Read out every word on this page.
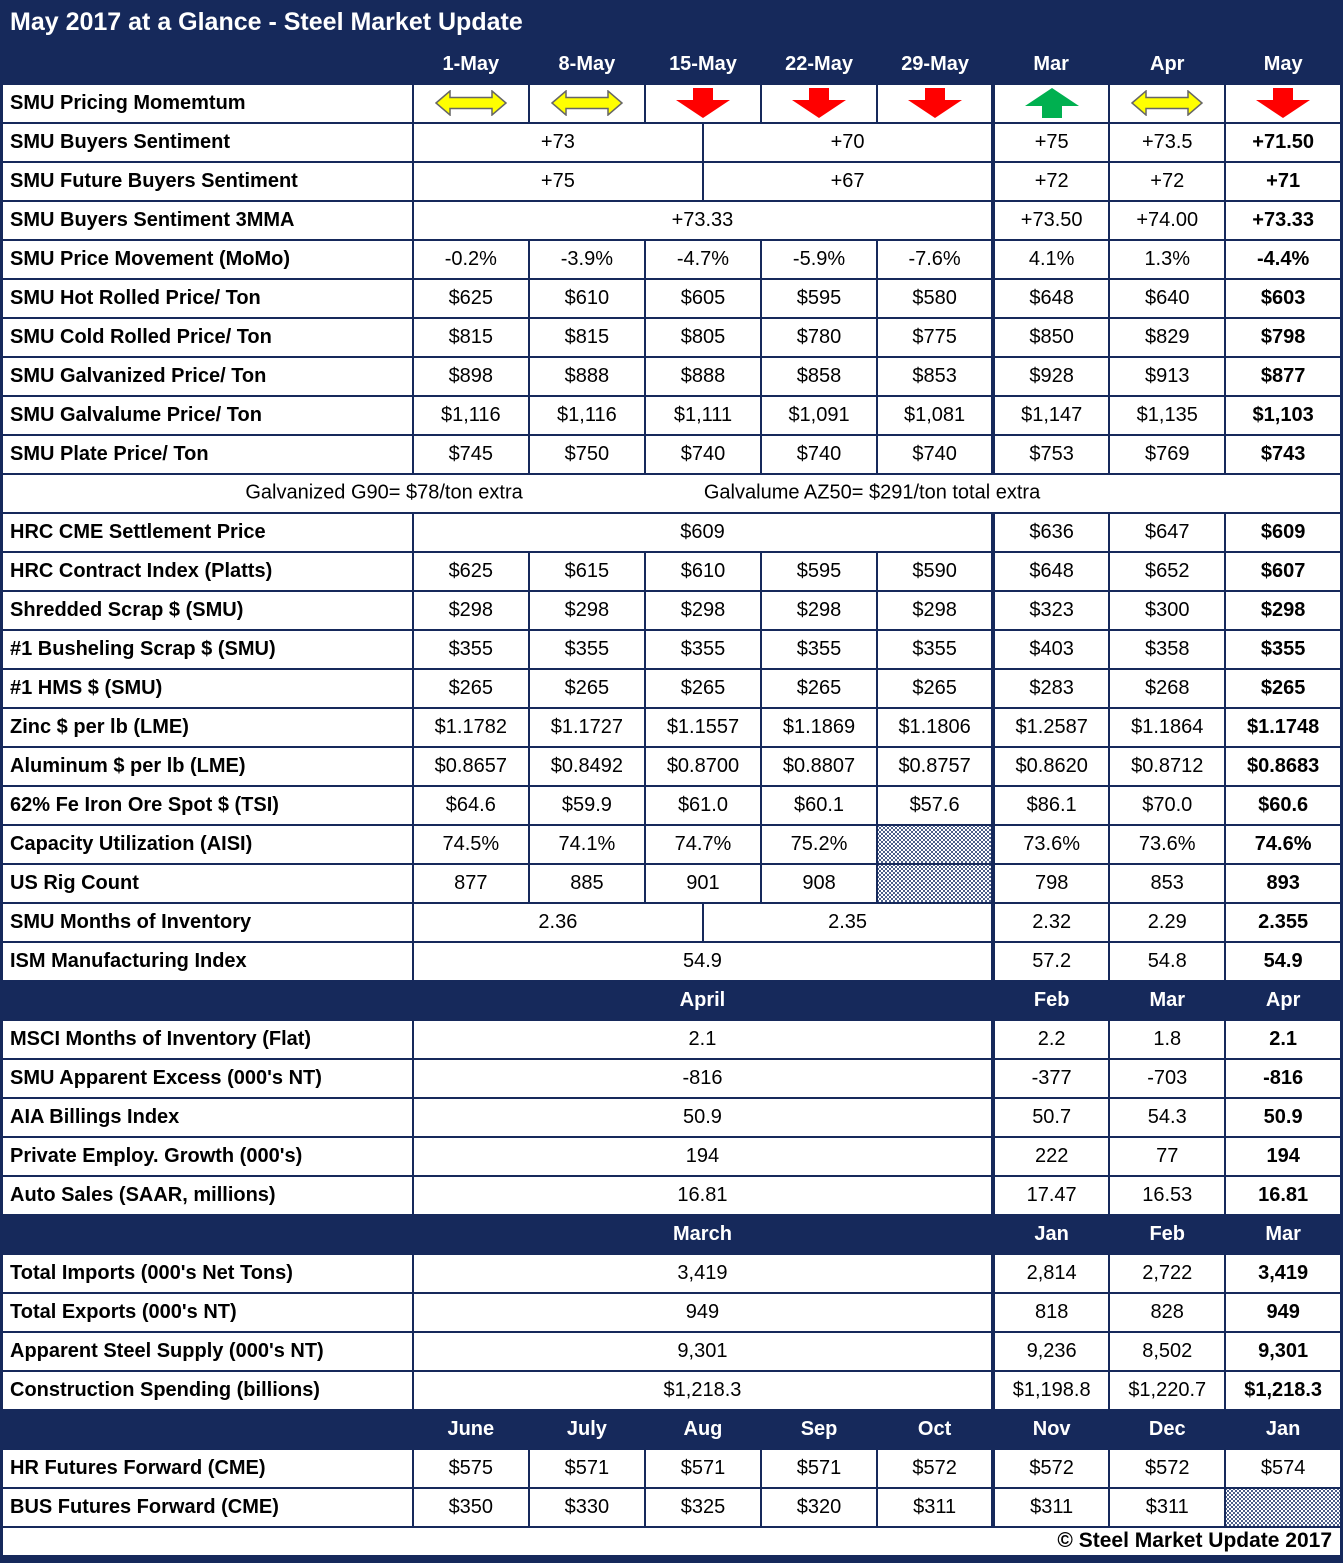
May 2017 at a Glance - Steel Market Update
	1-May	8-May	15-May		22-May	29-May	Mar	Apr	May
SMU Pricing Momemtum	

SMU Buyers Sentiment	+73			+70			+75	+73.5	+71.50
SMU Future Buyers Sentiment	+75			+67			+72	+72	+71
SMU Buyers Sentiment 3MMA	+73.33						+73.50	+74.00	+73.33
SMU Price Movement (MoMo)	-0.2%	-3.9%	-4.7%		-5.9%	-7.6%	4.1%	1.3%	-4.4%
SMU Hot Rolled Price/ Ton	$625	$610	$605		$595	$580	$648	$640	$603
SMU Cold Rolled Price/ Ton	$815	$815	$805		$780	$775	$850	$829	$798
SMU Galvanized Price/ Ton	$898	$888	$888		$858	$853	$928	$913	$877
SMU Galvalume Price/ Ton	$1,116	$1,116	$1,111		$1,091	$1,081	$1,147	$1,135	$1,103
SMU Plate Price/ Ton	$745	$750	$740		$740	$740	$753	$769	$743

Galvanized G90= $78/ton extra Galvalume AZ50= $291/ton total extra									

HRC CME Settlement Price	$609						$636	$647	$609
HRC Contract Index (Platts)	$625	$615	$610		$595	$590	$648	$652	$607
Shredded Scrap $ (SMU)	$298	$298	$298		$298	$298	$323	$300	$298
#1 Busheling Scrap $ (SMU)	$355	$355	$355		$355	$355	$403	$358	$355
#1 HMS $ (SMU)	$265	$265	$265		$265	$265	$283	$268	$265
Zinc $ per lb (LME)	$1.1782	$1.1727	$1.1557		$1.1869	$1.1806	$1.2587	$1.1864	$1.1748
Aluminum $ per lb (LME)	$0.8657	$0.8492	$0.8700		$0.8807	$0.8757	$0.8620	$0.8712	$0.8683
62% Fe Iron Ore Spot $ (TSI)	$64.6	$59.9	$61.0		$60.1	$57.6	$86.1	$70.0	$60.6
Capacity Utilization (AISI)	74.5%	74.1%	74.7%		75.2%		73.6%	73.6%	74.6%
US Rig Count	877	885	901		908		798	853	893
SMU Months of Inventory	2.36			2.35			2.32	2.29	2.355
ISM Manufacturing Index	54.9						57.2	54.8	54.9
	April						Feb	Mar	Apr
MSCI Months of Inventory (Flat)	2.1						2.2	1.8	2.1
SMU Apparent Excess (000's NT)	-816						-377	-703	-816
AIA Billings Index	50.9						50.7	54.3	50.9
Private Employ. Growth (000's)	194						222	77	194
Auto Sales (SAAR, millions)	16.81						17.47	16.53	16.81
	March						Jan	Feb	Mar
Total Imports (000's Net Tons)	3,419						2,814	2,722	3,419
Total Exports (000's NT)	949						818	828	949
Apparent Steel Supply (000's NT)	9,301						9,236	8,502	9,301
Construction Spending (billions)	$1,218.3						$1,198.8	$1,220.7	$1,218.3
	June	July	Aug		Sep	Oct	Nov	Dec	Jan
HR Futures Forward (CME)	$575	$571	$571		$571	$572	$572	$572	$574
BUS Futures Forward (CME)	$350	$330	$325		$320	$311	$311	$311	
© Steel Market Update 2017									
